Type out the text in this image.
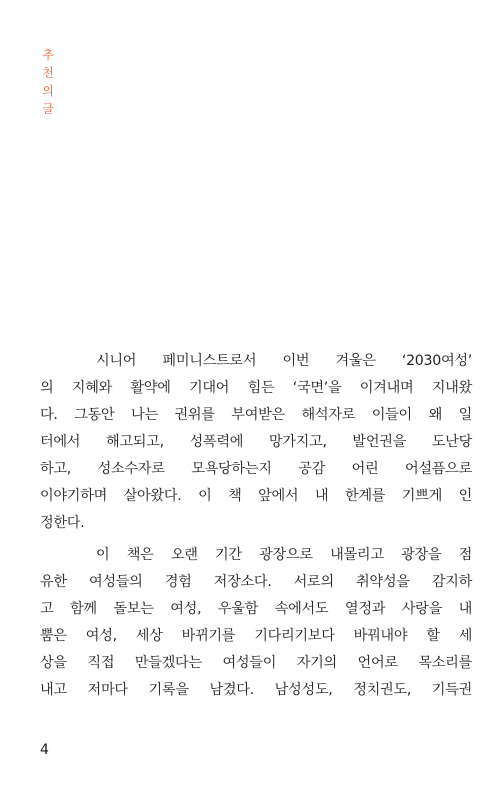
추
천
의
글
시니어 페미니스트로서 이번 겨울은 ‘2030여성’
의 지혜와 활약에 기대어 힘든 ‘국면’을 이겨내며 지내왔
다. 그동안 나는 권위를 부여받은 해석자로 이들이 왜 일
터에서 해고되고, 성폭력에 망가지고, 발언권을 도난당
하고, 성소수자로 모욕당하는지 공감 어린 어설픔으로
이야기하며 살아왔다. 이 책 앞에서 내 한계를 기쁘게 인
정한다.
이 책은 오랜 기간 광장으로 내몰리고 광장을 점
유한 여성들의 경험 저장소다. 서로의 취약성을 감지하
고 함께 돌보는 여성, 우울함 속에서도 열정과 사랑을 내
뿜은 여성, 세상 바뀌기를 기다리기보다 바꿔내야 할 세
상을 직접 만들겠다는 여성들이 자기의 언어로 목소리를
내고 저마다 기록을 남겼다. 남성성도, 정치권도, 기득권
4
